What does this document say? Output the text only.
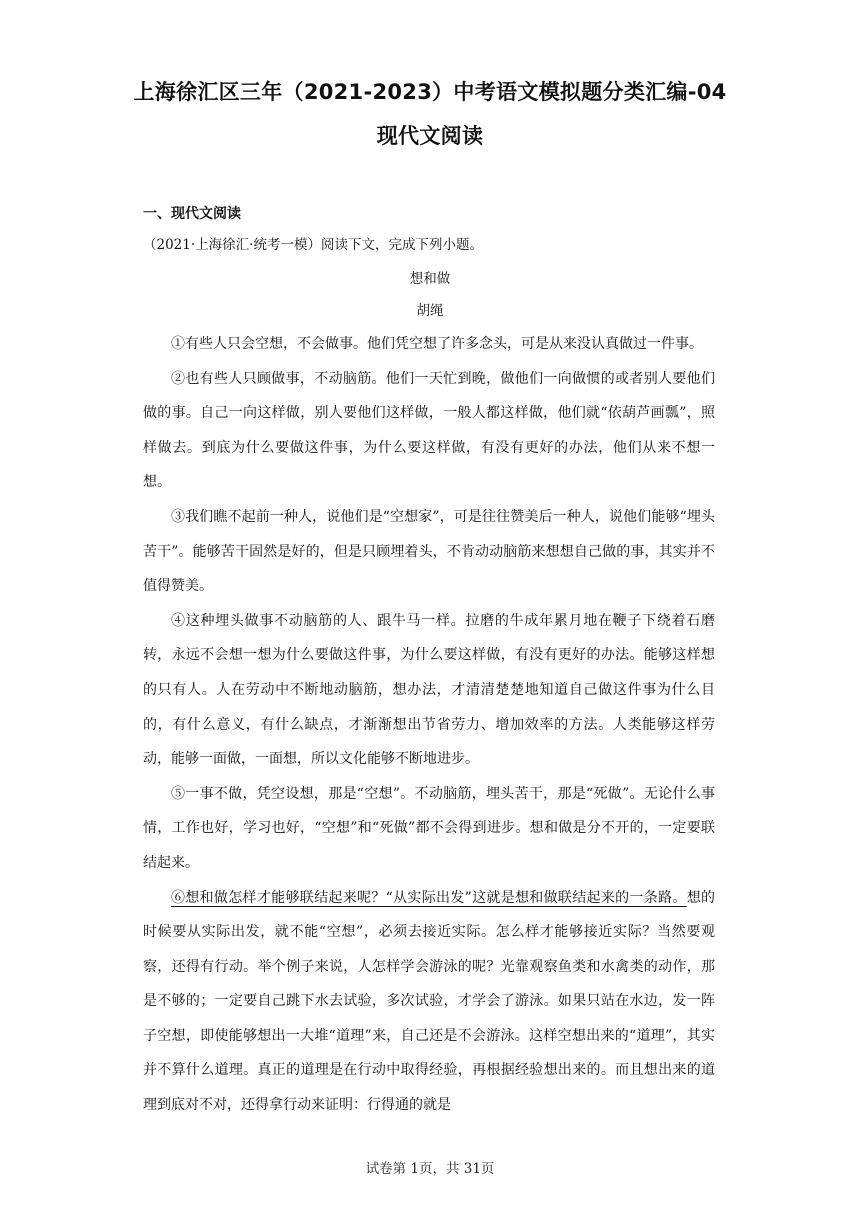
上海徐汇区三年（2021-2023）中考语文模拟题分类汇编-04
现代文阅读
一、现代文阅读
（2021·上海徐汇·统考一模）阅读下文，完成下列小题。
想和做
胡绳

①有些人只会空想，不会做事。他们凭空想了许多念头，可是从来没认真做过一件事。

②也有些人只顾做事，不动脑筋。他们一天忙到晚，做他们一向做惯的或者别人要他们做的事。自己一向这样做，别人要他们这样做，一般人都这样做，他们就“依葫芦画瓢”，照样做去。到底为什么要做这件事，为什么要这样做，有没有更好的办法，他们从来不想一想。

③我们瞧不起前一种人，说他们是“空想家”，可是往往赞美后一种人，说他们能够“埋头苦干”。能够苦干固然是好的，但是只顾埋着头，不肯动动脑筋来想想自己做的事，其实并不值得赞美。

④这种埋头做事不动脑筋的人、跟牛马一样。拉磨的牛成年累月地在鞭子下绕着石磨转，永远不会想一想为什么要做这件事，为什么要这样做，有没有更好的办法。能够这样想的只有人。人在劳动中不断地动脑筋，想办法，才清清楚楚地知道自己做这件事为什么目的，有什么意义，有什么缺点，才渐渐想出节省劳力、增加效率的方法。人类能够这样劳动，能够一面做，一面想，所以文化能够不断地进步。

⑤一事不做，凭空设想，那是“空想”。不动脑筋，埋头苦干，那是“死做”。无论什么事情，工作也好，学习也好，“空想”和“死做”都不会得到进步。想和做是分不开的，一定要联结起来。

⑥想和做怎样才能够联结起来呢？“从实际出发”这就是想和做联结起来的一条路。想的时候要从实际出发，就不能“空想”，必须去接近实际。怎么样才能够接近实际？当然要观察，还得有行动。举个例子来说，人怎样学会游泳的呢？光靠观察鱼类和水禽类的动作，那是不够的；一定要自己跳下水去试验，多次试验，才学会了游泳。如果只站在水边，发一阵子空想，即使能够想出一大堆“道理”来，自己还是不会游泳。这样空想出来的“道理”，其实并不算什么道理。真正的道理是在行动中取得经验，再根据经验想出来的。而且想出来的道理到底对不对，还得拿行动来证明：行得通的就是

试卷第 1页，共 31页
